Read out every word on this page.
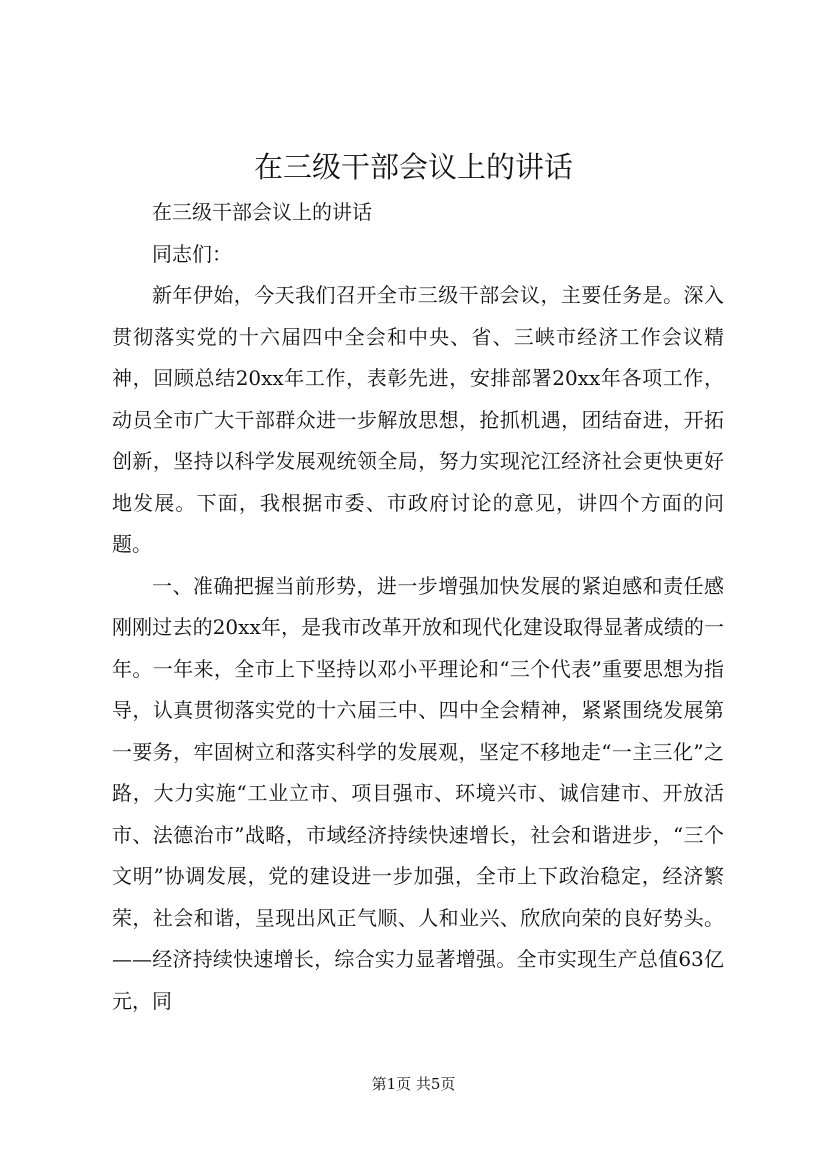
在三级干部会议上的讲话

在三级干部会议上的讲话

同志们：

新年伊始，今天我们召开全市三级干部会议，主要任务是。深入贯彻落实党的十六届四中全会和中央、省、三峡市经济工作会议精神，回顾总结20xx年工作，表彰先进，安排部署20xx年各项工作，动员全市广大干部群众进一步解放思想，抢抓机遇，团结奋进，开拓创新，坚持以科学发展观统领全局，努力实现沱江经济社会更快更好地发展。下面，我根据市委、市政府讨论的意见，讲四个方面的问题。

一、准确把握当前形势，进一步增强加快发展的紧迫感和责任感刚刚过去的20xx年，是我市改革开放和现代化建设取得显著成绩的一年。一年来，全市上下坚持以邓小平理论和“三个代表”重要思想为指导，认真贯彻落实党的十六届三中、四中全会精神，紧紧围绕发展第一要务，牢固树立和落实科学的发展观，坚定不移地走“一主三化”之路，大力实施“工业立市、项目强市、环境兴市、诚信建市、开放活市、法德治市”战略，市域经济持续快速增长，社会和谐进步，“三个文明”协调发展，党的建设进一步加强，全市上下政治稳定，经济繁荣，社会和谐，呈现出风正气顺、人和业兴、欣欣向荣的良好势头。——经济持续快速增长，综合实力显著增强。全市实现生产总值63亿元，同

第1页 共5页
